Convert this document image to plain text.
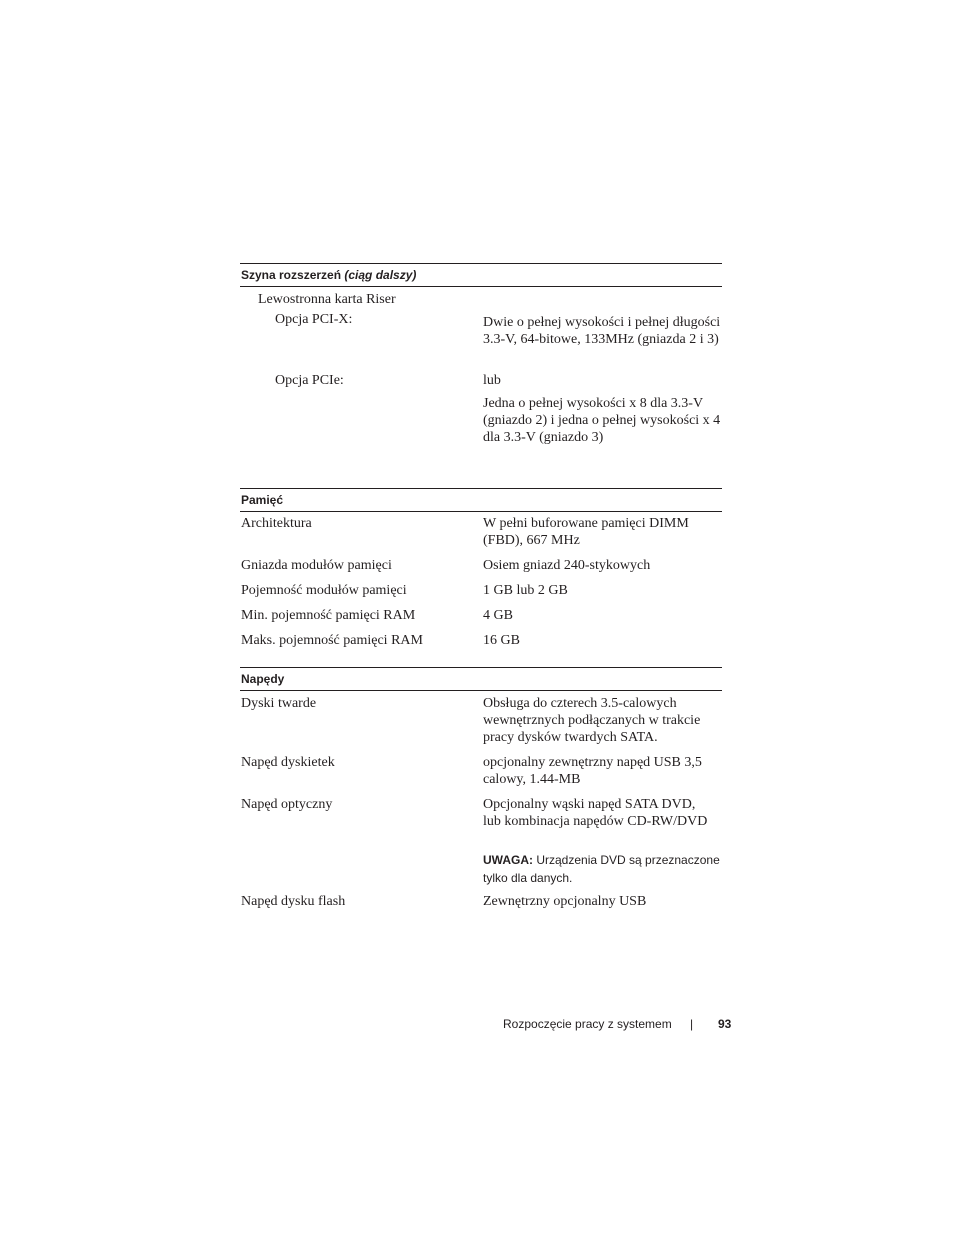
Szyna rozszerzeń (ciąg dalszy)
Lewostronna karta Riser
Opcja PCI-X:	Dwie o pełnej wysokości i pełnej długości 3.3-V, 64-bitowe, 133MHz (gniazda 2 i 3)
Opcja PCIe:	lub
Jedna o pełnej wysokości x 8 dla 3.3-V (gniazdo 2) i jedna o pełnej wysokości x 4 dla 3.3-V (gniazdo 3)
Pamięć
Architektura	W pełni buforowane pamięci DIMM (FBD), 667 MHz
Gniazda modułów pamięci	Osiem gniazd 240-stykowych
Pojemność modułów pamięci	1 GB lub 2 GB
Min. pojemność pamięci RAM	4 GB
Maks. pojemność pamięci RAM	16 GB
Napędy
Dyski twarde	Obsługa do czterech 3.5-calowych wewnętrznych podłączanych w trakcie pracy dysków twardych SATA.
Napęd dyskietek	opcjonalny zewnętrzny napęd USB 3,5 calowy, 1.44-MB
Napęd optyczny	Opcjonalny wąski napęd SATA DVD, lub kombinacja napędów CD-RW/DVD
UWAGA: Urządzenia DVD są przeznaczone tylko dla danych.
Napęd dysku flash	Zewnętrzny opcjonalny USB
Rozpoczęcie pracy z systemem | 93
